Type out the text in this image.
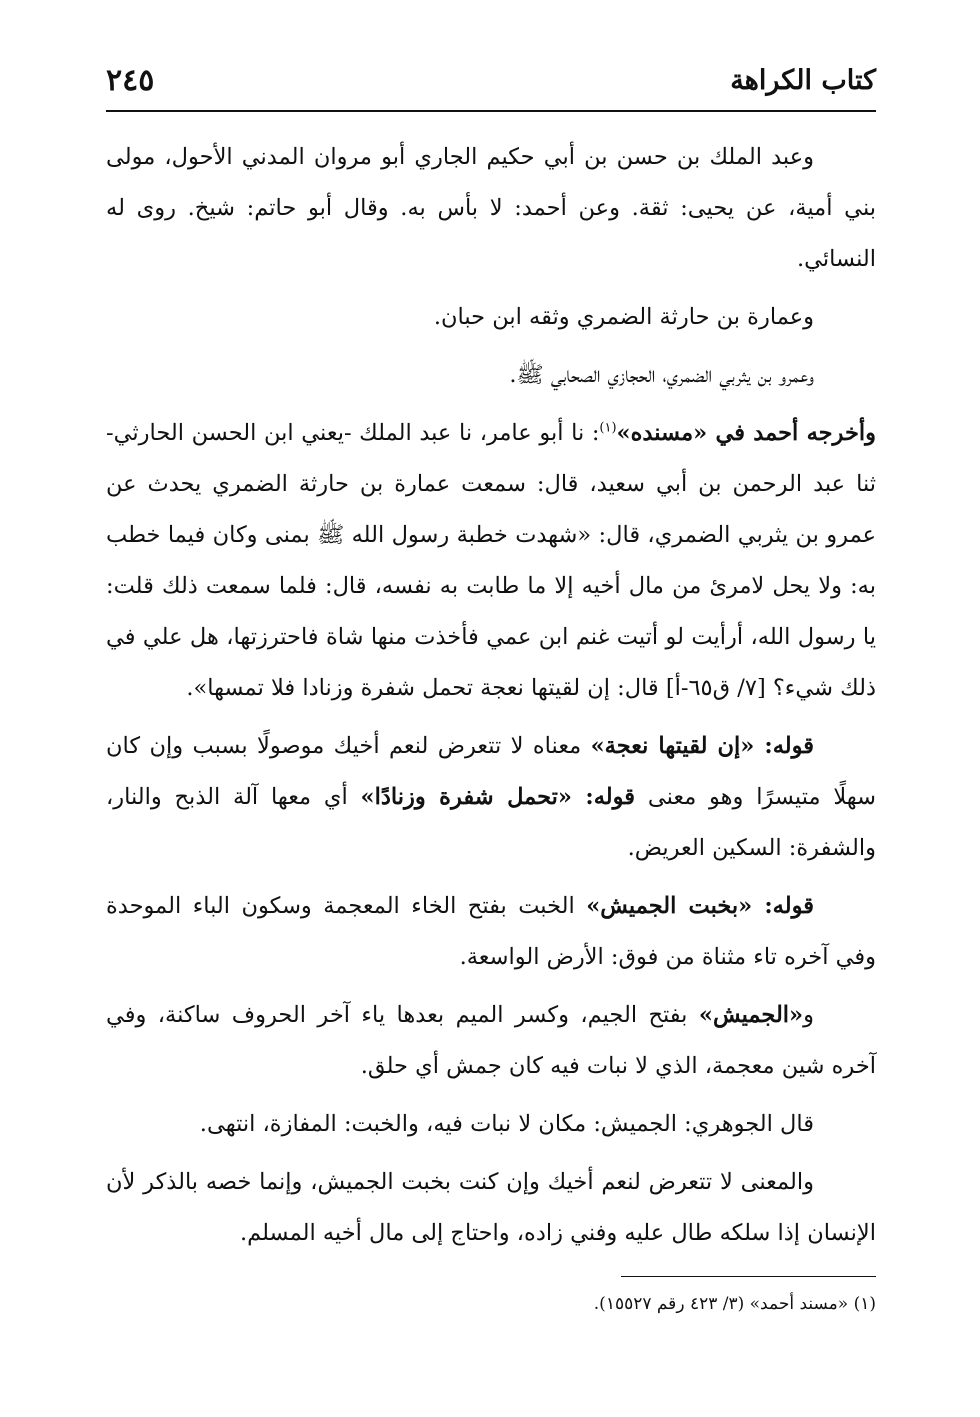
كتاب الكراهة
٢٤٥

وعبد الملك بن حسن بن أبي حكيم الجاري أبو مروان المدني الأحول، مولى بني أمية، عن يحيى: ثقة. وعن أحمد: لا بأس به. وقال أبو حاتم: شيخ. روى له النسائي.

وعمارة بن حارثة الضمري وثقه ابن حبان.

وعمرو بن يثربي الضمري، الحجازي الصحابي ﷺ.

وأخرجه أحمد في «مسنده»$^{(١)}$: نا أبو عامر، نا عبد الملك -يعني ابن الحسن الحارثي- ثنا عبد الرحمن بن أبي سعيد، قال: سمعت عمارة بن حارثة الضمري يحدث عن عمرو بن يثربي الضمري، قال: «شهدت خطبة رسول الله ﷺ بمنى وكان فيما خطب به: ولا يحل لامرئ من مال أخيه إلا ما طابت به نفسه، قال: فلما سمعت ذلك قلت: يا رسول الله، أرأيت لو أتيت غنم ابن عمي فأخذت منها شاة فاحترزتها، هل علي في ذلك شيء؟ [٧/ ق٦٥-أ] قال: إن لقيتها نعجة تحمل شفرة وزنادا فلا تمسها».

قوله: «إن لقيتها نعجة» معناه لا تتعرض لنعم أخيك موصولًا بسبب وإن كان سهلًا متيسرًا وهو معنى قوله: «تحمل شفرة وزنادًا» أي معها آلة الذبح والنار، والشفرة: السكين العريض.

قوله: «بخبت الجميش» الخبت بفتح الخاء المعجمة وسكون الباء الموحدة وفي آخره تاء مثناة من فوق: الأرض الواسعة.

و«الجميش» بفتح الجيم، وكسر الميم بعدها ياء آخر الحروف ساكنة، وفي آخره شين معجمة، الذي لا نبات فيه كان جمش أي حلق.

قال الجوهري: الجميش: مكان لا نبات فيه، والخبت: المفازة، انتهى.

والمعنى لا تتعرض لنعم أخيك وإن كنت بخبت الجميش، وإنما خصه بالذكر لأن الإنسان إذا سلكه طال عليه وفني زاده، واحتاج إلى مال أخيه المسلم.

(١) «مسند أحمد» (٣/ ٤٢٣ رقم ١٥٥٢٧).
